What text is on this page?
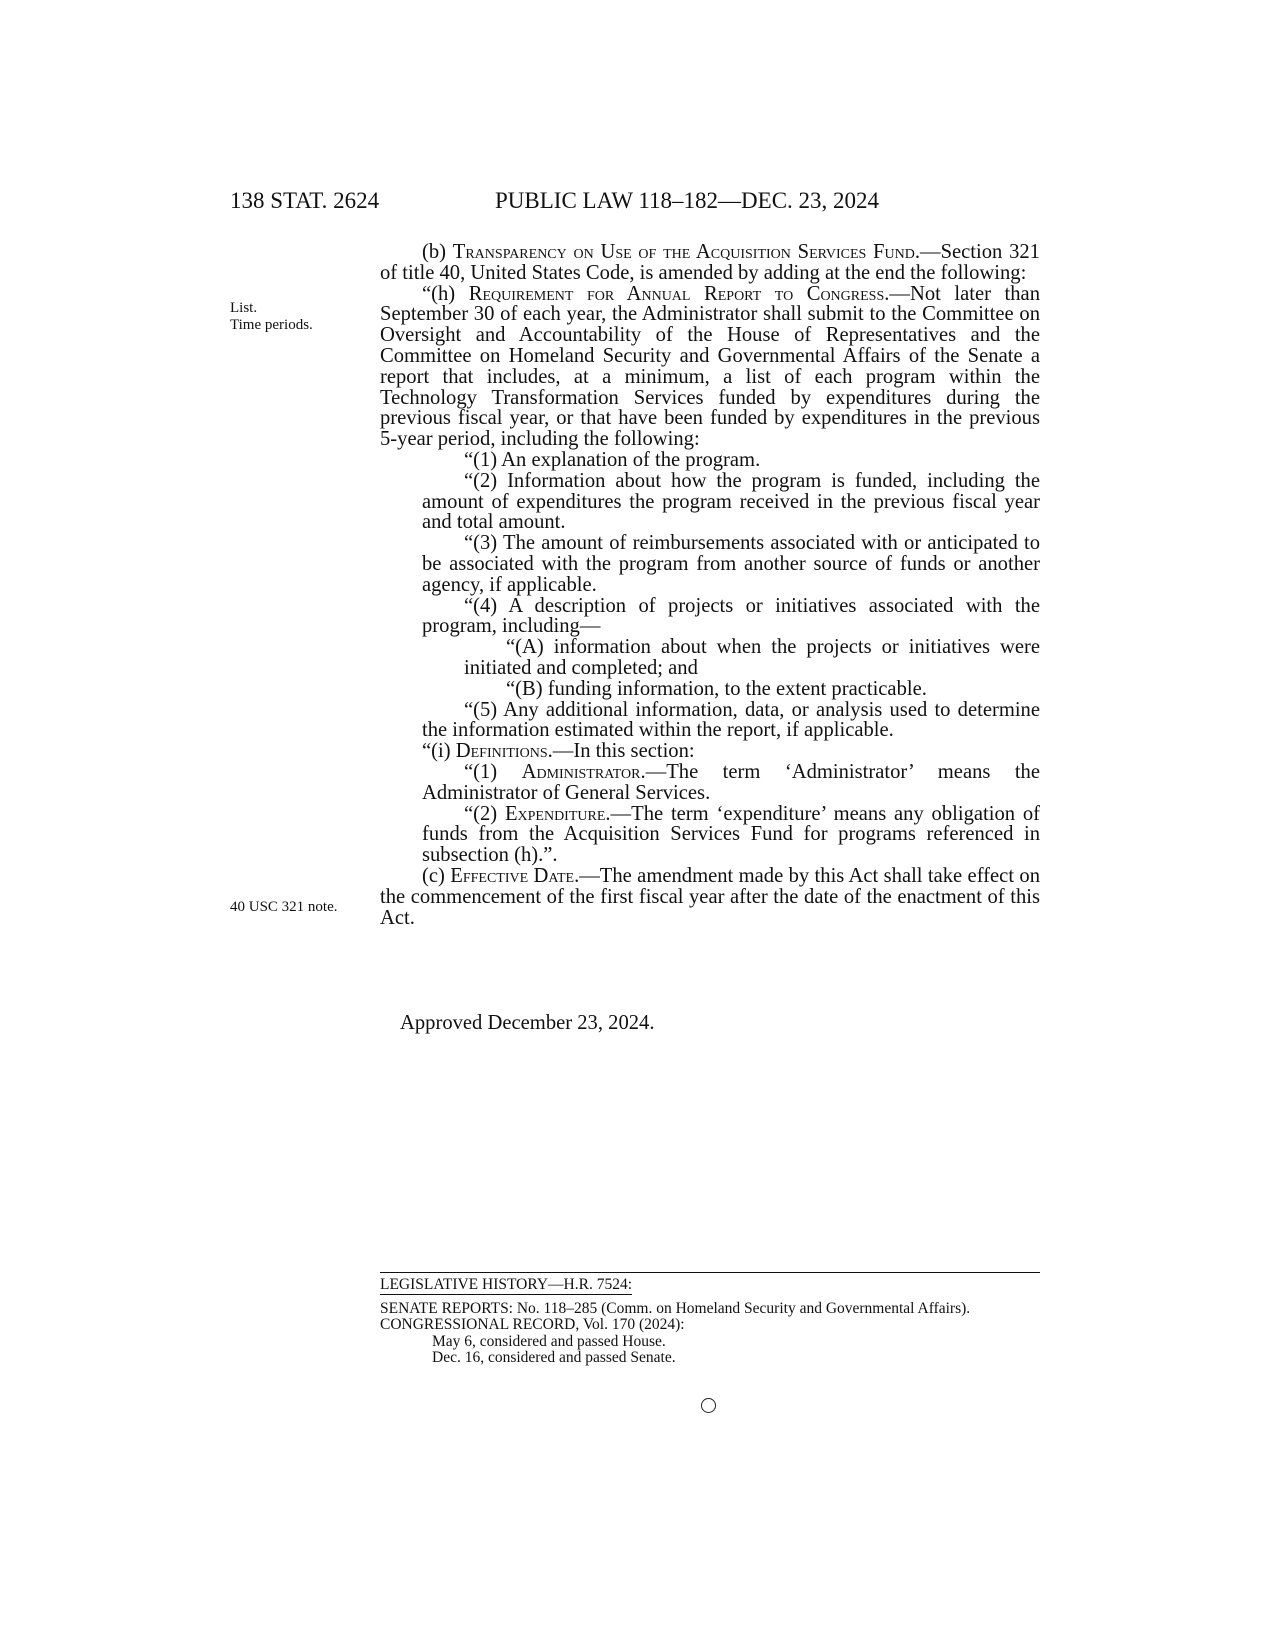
138 STAT. 2624	PUBLIC LAW 118–182—DEC. 23, 2024
List.
Time periods.
40 USC 321 note.

(b) Transparency on Use of the Acquisition Services Fund.—Section 321 of title 40, United States Code, is amended by adding at the end the following:

“(h) Requirement for Annual Report to Congress.—Not later than September 30 of each year, the Administrator shall submit to the Committee on Oversight and Accountability of the House of Representatives and the Committee on Homeland Security and Governmental Affairs of the Senate a report that includes, at a minimum, a list of each program within the Technology Transformation Services funded by expenditures during the previous fiscal year, or that have been funded by expenditures in the previous 5-year period, including the following:

“(1) An explanation of the program.

“(2) Information about how the program is funded, including the amount of expenditures the program received in the previous fiscal year and total amount.

“(3) The amount of reimbursements associated with or anticipated to be associated with the program from another source of funds or another agency, if applicable.

“(4) A description of projects or initiatives associated with the program, including—

“(A) information about when the projects or initiatives were initiated and completed; and

“(B) funding information, to the extent practicable.

“(5) Any additional information, data, or analysis used to determine the information estimated within the report, if applicable.

“(i) Definitions.—In this section:

“(1) Administrator.—The term ‘Administrator’ means the Administrator of General Services.

“(2) Expenditure.—The term ‘expenditure’ means any obligation of funds from the Acquisition Services Fund for programs referenced in subsection (h).”.

(c) Effective Date.—The amendment made by this Act shall take effect on the commencement of the first fiscal year after the date of the enactment of this Act.

Approved December 23, 2024.

LEGISLATIVE HISTORY—H.R. 7524:

SENATE REPORTS: No. 118–285 (Comm. on Homeland Security and Governmental Affairs).

CONGRESSIONAL RECORD, Vol. 170 (2024):

May 6, considered and passed House.

Dec. 16, considered and passed Senate.
